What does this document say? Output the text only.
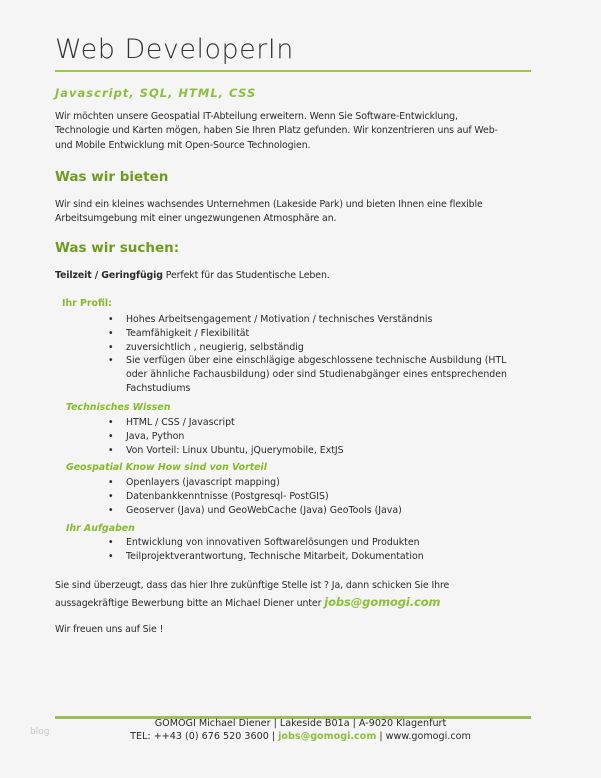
Web DeveloperIn
Javascript, SQL, HTML, CSS
Wir möchten unsere Geospatial IT-Abteilung erweitern. Wenn Sie Software-Entwicklung,
Technologie und Karten mögen, haben Sie Ihren Platz gefunden. Wir konzentrieren uns auf Web-
und Mobile Entwicklung mit Open-Source Technologien.
Was wir bieten
Wir sind ein kleines wachsendes Unternehmen (Lakeside Park) und bieten Ihnen eine flexible
Arbeitsumgebung mit einer ungezwungenen Atmosphäre an.
Was wir suchen:
Teilzeit / Geringfügig Perfekt für das Studentische Leben.
Ihr Profil:
• Hohes Arbeitsengagement / Motivation / technisches Verständnis
• Teamfähigkeit / Flexibilität
• zuversichtlich , neugierig, selbständig
• Sie verfügen über eine einschlägige abgeschlossene technische Ausbildung (HTL
oder ähnliche Fachausbildung) oder sind Studienabgänger eines entsprechenden
Fachstudiums
Technisches Wissen
• HTML / CSS / Javascript
• Java, Python
• Von Vorteil: Linux Ubuntu, jQuerymobile, ExtJS
Geospatial Know How sind von Vorteil
• Openlayers (javascript mapping)
• Datenbankkenntnisse (Postgresql- PostGIS)
• Geoserver (Java) und GeoWebCache (Java) GeoTools (Java)
Ihr Aufgaben
• Entwicklung von innovativen Softwarelösungen und Produkten
• Teilprojektverantwortung, Technische Mitarbeit, Dokumentation
Sie sind überzeugt, dass das hier Ihre zukünftige Stelle ist ? Ja, dann schicken Sie Ihre
aussagekräftige Bewerbung bitte an Michael Diener unter jobs@gomogi.com
Wir freuen uns auf Sie !
GOMOGI Michael Diener | Lakeside B01a | A-9020 Klagenfurt
TEL: ++43 (0) 676 520 3600 | jobs@gomogi.com | www.gomogi.com
blog
